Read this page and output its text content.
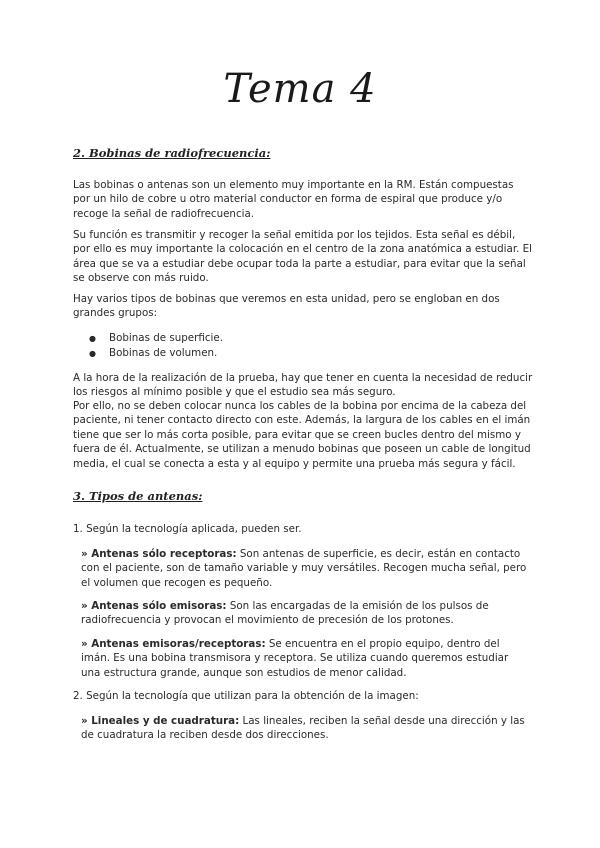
Tema 4
2. Bobinas de radiofrecuencia:

Las bobinas o antenas son un elemento muy importante en la RM. Están compuestas por un hilo de cobre u otro material conductor en forma de espiral que produce y/o recoge la señal de radiofrecuencia.

Su función es transmitir y recoger la señal emitida por los tejidos. Esta señal es débil, por ello es muy importante la colocación en el centro de la zona anatómica a estudiar. El área que se va a estudiar debe ocupar toda la parte a estudiar, para evitar que la señal se observe con más ruido.

Hay varios tipos de bobinas que veremos en esta unidad, pero se engloban en dos grandes grupos:

● Bobinas de superficie.
● Bobinas de volumen.

A la hora de la realización de la prueba, hay que tener en cuenta la necesidad de reducir los riesgos al mínimo posible y que el estudio sea más seguro.

Por ello, no se deben colocar nunca los cables de la bobina por encima de la cabeza del paciente, ni tener contacto directo con este. Además, la largura de los cables en el imán tiene que ser lo más corta posible, para evitar que se creen bucles dentro del mismo y fuera de él. Actualmente, se utilizan a menudo bobinas que poseen un cable de longitud media, el cual se conecta a esta y al equipo y permite una prueba más segura y fácil.

3. Tipos de antenas:

1. Según la tecnología aplicada, pueden ser.

» Antenas sólo receptoras: Son antenas de superficie, es decir, están en contacto con el paciente, son de tamaño variable y muy versátiles. Recogen mucha señal, pero el volumen que recogen es pequeño.

» Antenas sólo emisoras: Son las encargadas de la emisión de los pulsos de radiofrecuencia y provocan el movimiento de precesión de los protones.

» Antenas emisoras/receptoras: Se encuentra en el propio equipo, dentro del imán. Es una bobina transmisora y receptora. Se utiliza cuando queremos estudiar una estructura grande, aunque son estudios de menor calidad.

2. Según la tecnología que utilizan para la obtención de la imagen:

» Lineales y de cuadratura: Las lineales, reciben la señal desde una dirección y las de cuadratura la reciben desde dos direcciones.
